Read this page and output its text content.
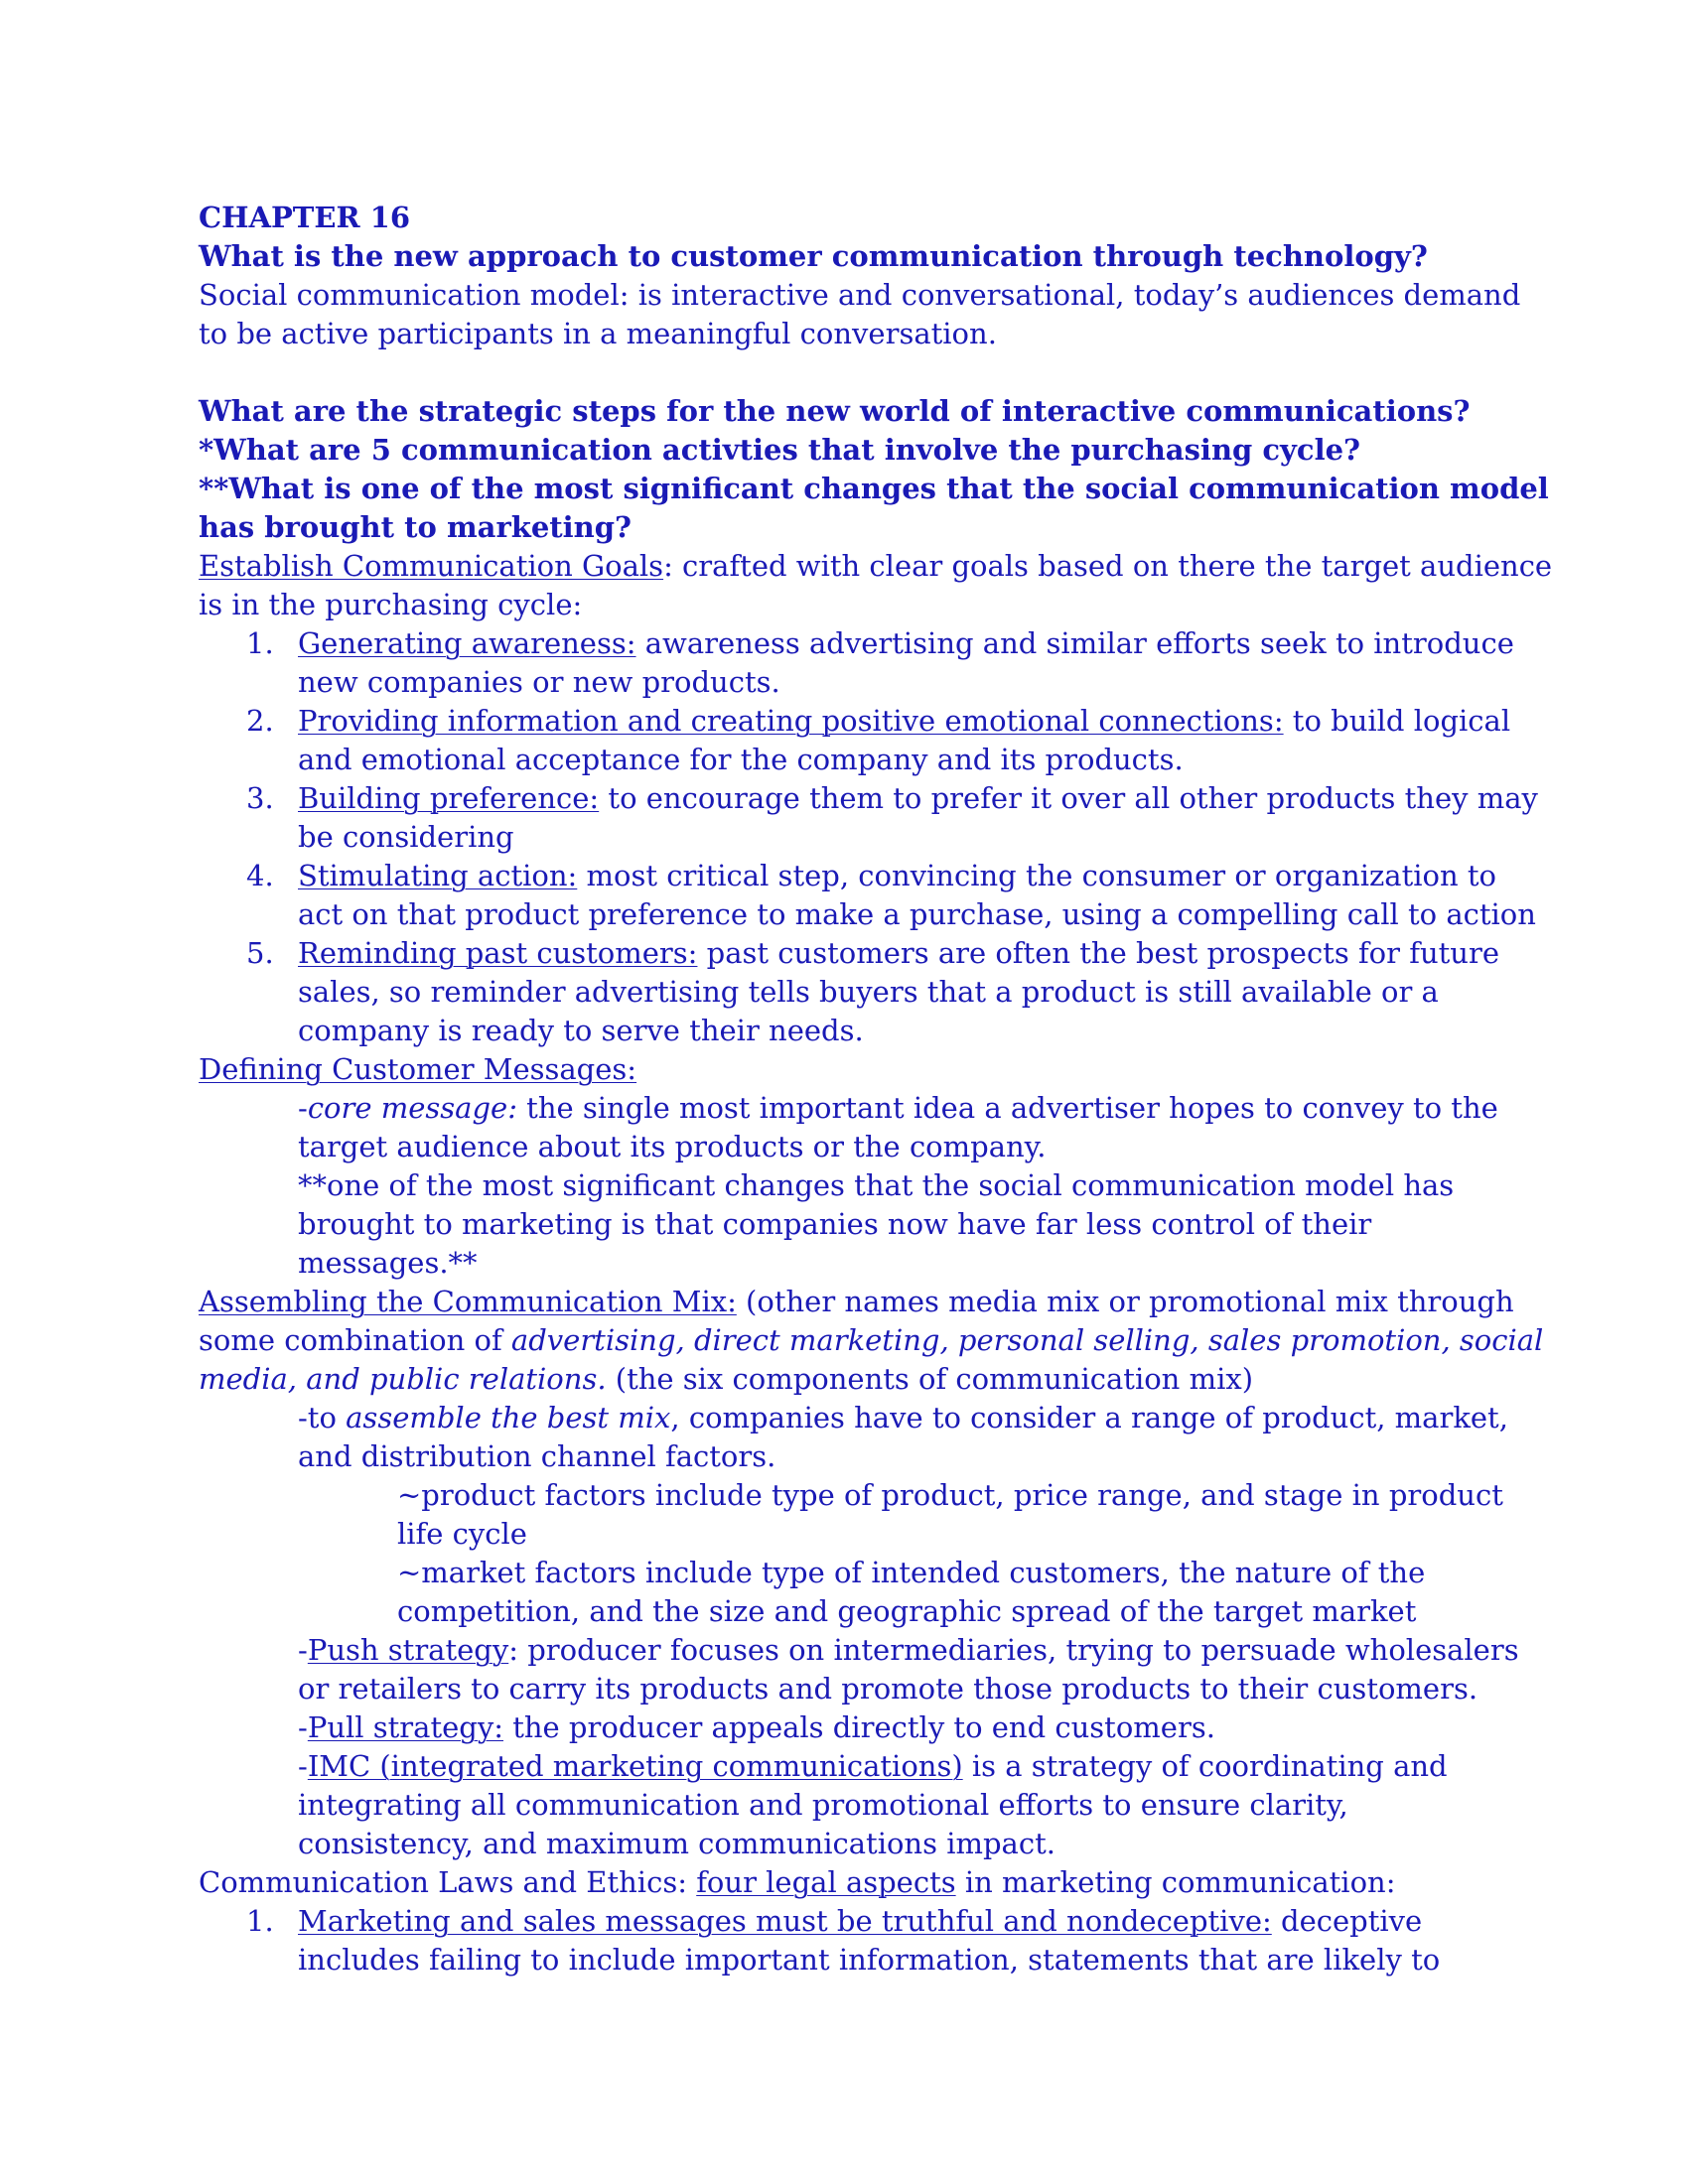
CHAPTER 16
What is the new approach to customer communication through technology?
Social communication model: is interactive and conversational, today’s audiences demand
to be active participants in a meaningful conversation.
What are the strategic steps for the new world of interactive communications?
*What are 5 communication activties that involve the purchasing cycle?
**What is one of the most significant changes that the social communication model
has brought to marketing?
Establish Communication Goals: crafted with clear goals based on there the target audience
is in the purchasing cycle:
1. Generating awareness: awareness advertising and similar efforts seek to introduce
new companies or new products.
2. Providing information and creating positive emotional connections: to build logical
and emotional acceptance for the company and its products.
3. Building preference: to encourage them to prefer it over all other products they may
be considering
4. Stimulating action: most critical step, convincing the consumer or organization to
act on that product preference to make a purchase, using a compelling call to action
5. Reminding past customers: past customers are often the best prospects for future
sales, so reminder advertising tells buyers that a product is still available or a
company is ready to serve their needs.
Defining Customer Messages:
-core message: the single most important idea a advertiser hopes to convey to the
target audience about its products or the company.
**one of the most significant changes that the social communication model has
brought to marketing is that companies now have far less control of their
messages.**
Assembling the Communication Mix: (other names media mix or promotional mix through
some combination of advertising, direct marketing, personal selling, sales promotion, social
media, and public relations. (the six components of communication mix)
-to assemble the best mix, companies have to consider a range of product, market,
and distribution channel factors.
~product factors include type of product, price range, and stage in product
life cycle
~market factors include type of intended customers, the nature of the
competition, and the size and geographic spread of the target market
-Push strategy: producer focuses on intermediaries, trying to persuade wholesalers
or retailers to carry its products and promote those products to their customers.
-Pull strategy: the producer appeals directly to end customers.
-IMC (integrated marketing communications) is a strategy of coordinating and
integrating all communication and promotional efforts to ensure clarity,
consistency, and maximum communications impact.
Communication Laws and Ethics: four legal aspects in marketing communication:
1. Marketing and sales messages must be truthful and nondeceptive: deceptive
includes failing to include important information, statements that are likely to
